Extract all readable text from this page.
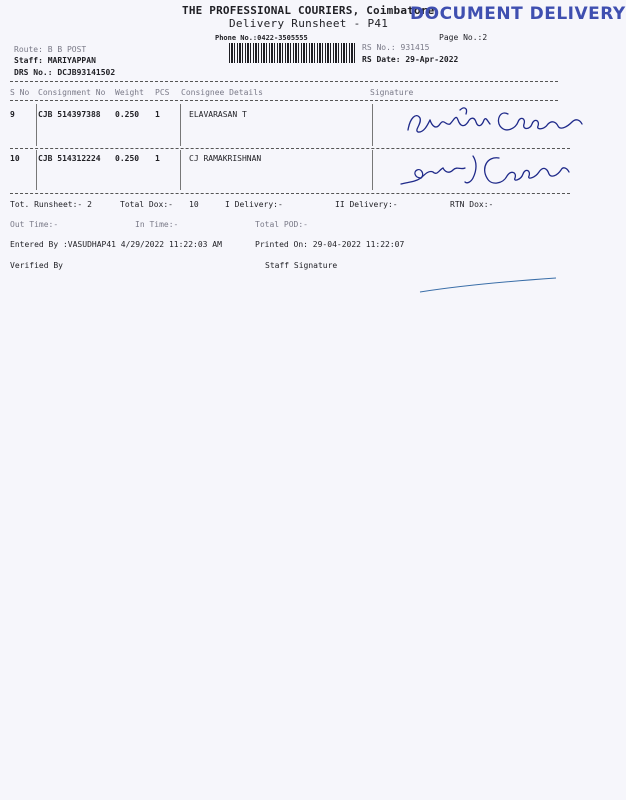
THE PROFESSIONAL COURIERS, Coimbatore
DOCUMENT DELIVERY
Delivery Runsheet - P41
Phone No.:0422-3505555	Page No.:2
Route: B B POST
Staff: MARIYAPPAN
DRS No.: DCJB93141502
RS No.: 931415
RS Date: 29-Apr-2022
S No Consignment No Weight PCS Consignee Details	Signature
9	CJB 514397388 0.250 1	ELAVARASAN T
10 CJB 514312224 0.250 1	CJ RAMAKRISHNAN
Tot. Runsheet:- 2	Total Dox:- 10	I Delivery:-	II Delivery:-	RTN Dox:-
Out Time:-	In Time:-	Total POD:-
Entered By :VASUDHAP41 4/29/2022 11:22:03 AM	Printed On: 29-04-2022 11:22:07
Verified By	Staff Signature
